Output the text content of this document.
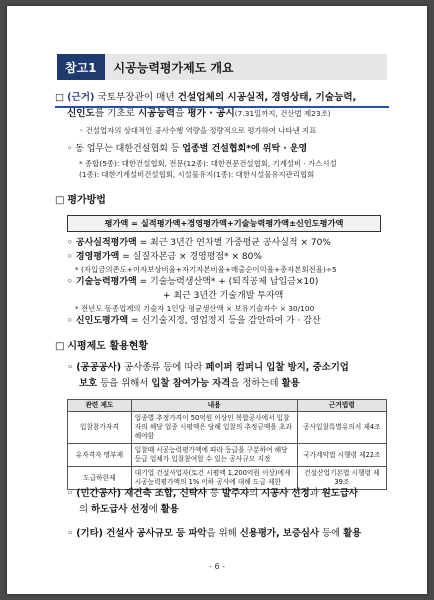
참고1	시공능력평가제도 개요
□ (근거) 국토부장관이 매년 건설업체의 시공실적, 경영상태, 기술능력,
신인도를 기초로 시공능력을 평가 · 공시(7.31일까지, 건산법 제23조)
◦ 건설업자의 상대적인 공사수행 역량을 정량적으로 평가하여 나타낸 지표
◦ 동 업무는 대한건설협회 등 업종별 건설협회*에 위탁 · 운영
* 종합(5종): 대한건설협회, 전문(12종): 대한전문건설협회, 기계설비 · 가스시설
(1종): 대한기계설비건설협회, 시설물유지(1종): 대한시설물유지관리협회
□ 평가방법
평가액 = 실적평가액+경영평가액+기술능력평가액±신인도평가액
◦ 공사실적평가액 = 최근 3년간 연차별 가중평균 공사실적 × 70%
◦ 경영평가액 = 실질자본금 × 경영평점* × 80%
* (자입금의존도+이자보상비율+자기자본비율+매출순이익율+총자본회전율)÷5
◦ 기술능력평가액 = 기술능력생산액* + (퇴직공제 납입금×10)
+ 최근 3년간 기술개발 투자액
* 전년도 동종업계의 기술자 1인당 평균생산액 × 보유기술자수 × 30/100
◦ 신인도평가액 = 신기술지정, 영업정지 등을 감안하여 가 · 감산
□ 시평제도 활용현황
◦ (공공공사) 공사종류 등에 따라 페이퍼 컴퍼니 입찰 방지, 중소기업
보호 등을 위해서 입찰 참여가능 자격을 정하는데 활용
관련 제도	내용	근거법령
입찰참가자격	업종별 추정가격이 50억원 이상인 복합공사에서 입찰자의 해당 업종 시평액은 당해 입찰의 추정금액을 초과해야함	공사입찰특별유의서 제4조
유자격자 명부제	입찰때 시공능력평가액에 따라 등급을 구분하여 해당 등급 업체가 입찰참여할 수 있는 공사규모 지정	국가계약법 시행령 제22조
도급하한제	대기업 건설사업자(토건 시평액 1,200억원 이상)에게 시공능력평가액의 1% 이하 공사에 대해 도급 제한	건설산업기본법 시행령 제39조
◦ (민간공사) 재건축 조합, 신탁사 등 발주자의 시공사 선정과 원도급사
의 하도급사 선정에 활용
◦ (기타) 건설사 공사규모 등 파악을 위해 신용평가, 보증심사 등에 활용
- 6 -
